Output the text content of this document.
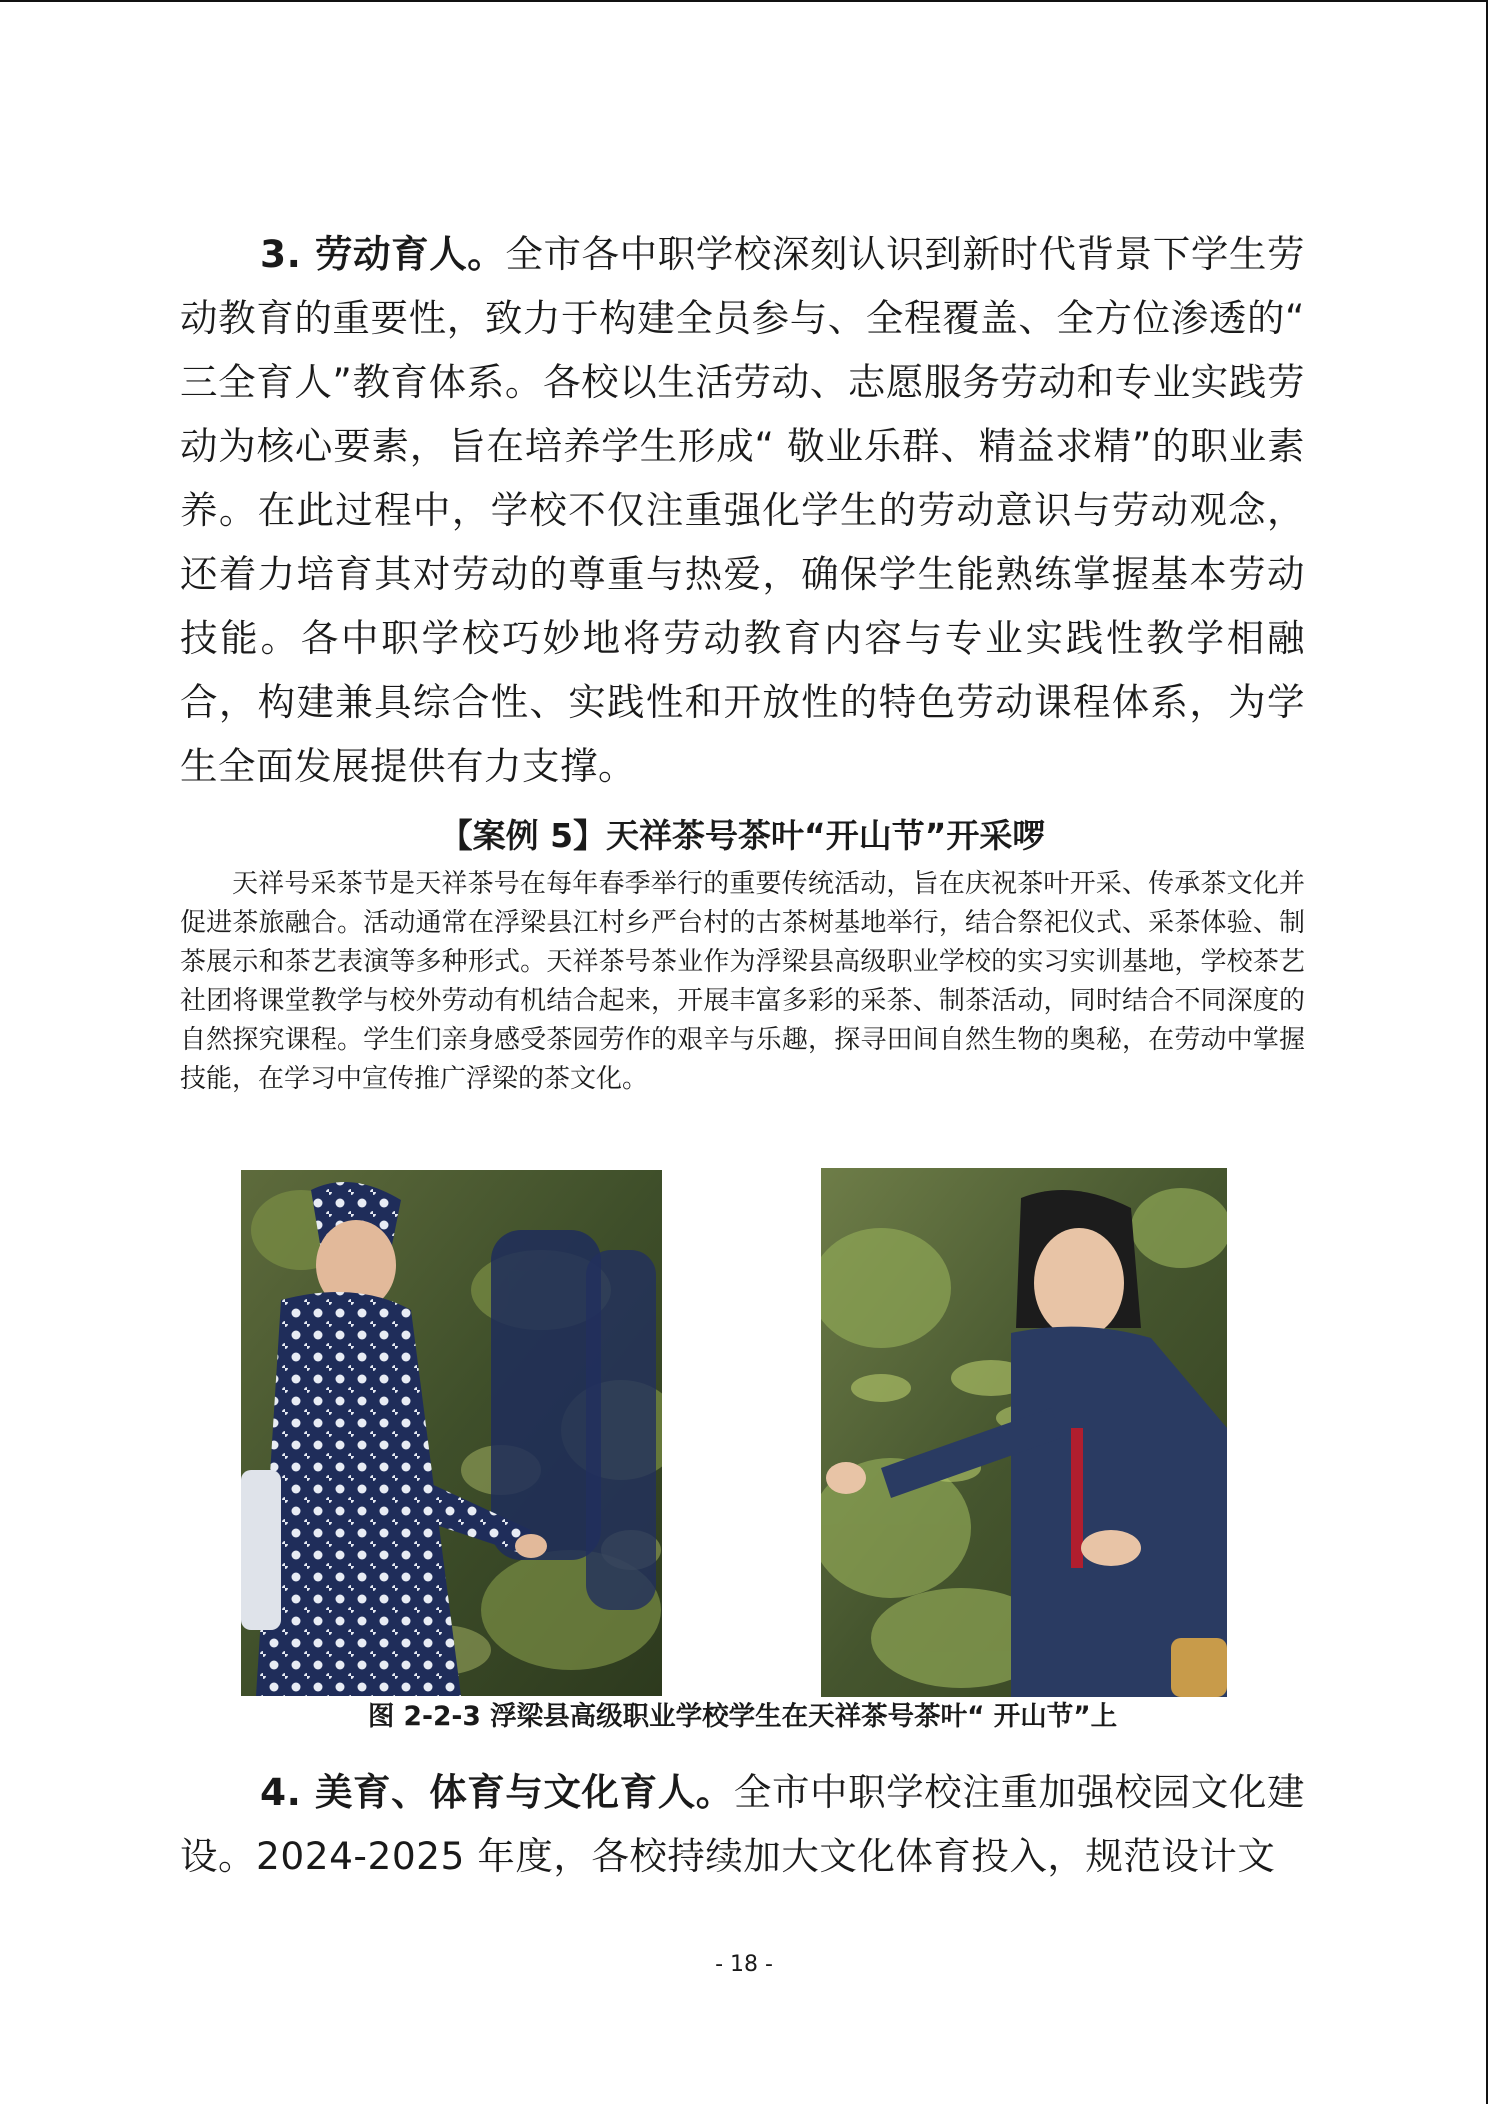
3. 劳动育人。全市各中职学校深刻认识到新时代背景下学生劳动教育的重要性，致力于构建全员参与、全程覆盖、全方位渗透的“ 三全育人”教育体系。各校以生活劳动、志愿服务劳动和专业实践劳动为核心要素，旨在培养学生形成“ 敬业乐群、精益求精”的职业素养。在此过程中，学校不仅注重强化学生的劳动意识与劳动观念，还着力培育其对劳动的尊重与热爱，确保学生能熟练掌握基本劳动技能。各中职学校巧妙地将劳动教育内容与专业实践性教学相融合，构建兼具综合性、实践性和开放性的特色劳动课程体系，为学生全面发展提供有力支撑。

【案例 5】天祥茶号茶叶“开山节”开采啰

天祥号采茶节是天祥茶号在每年春季举行的重要传统活动，旨在庆祝茶叶开采、传承茶文化并促进茶旅融合。活动通常在浮梁县江村乡严台村的古茶树基地举行，结合祭祀仪式、采茶体验、制茶展示和茶艺表演等多种形式。天祥茶号茶业作为浮梁县高级职业学校的实习实训基地，学校茶艺社团将课堂教学与校外劳动有机结合起来，开展丰富多彩的采茶、制茶活动，同时结合不同深度的自然探究课程。学生们亲身感受茶园劳作的艰辛与乐趣，探寻田间自然生物的奥秘，在劳动中掌握技能，在学习中宣传推广浮梁的茶文化。

图 2-2-3 浮梁县高级职业学校学生在天祥茶号茶叶“ 开山节”上

4. 美育、体育与文化育人。全市中职学校注重加强校园文化建设。2024-2025 年度，各校持续加大文化体育投入，规范设计文

- 18 -
